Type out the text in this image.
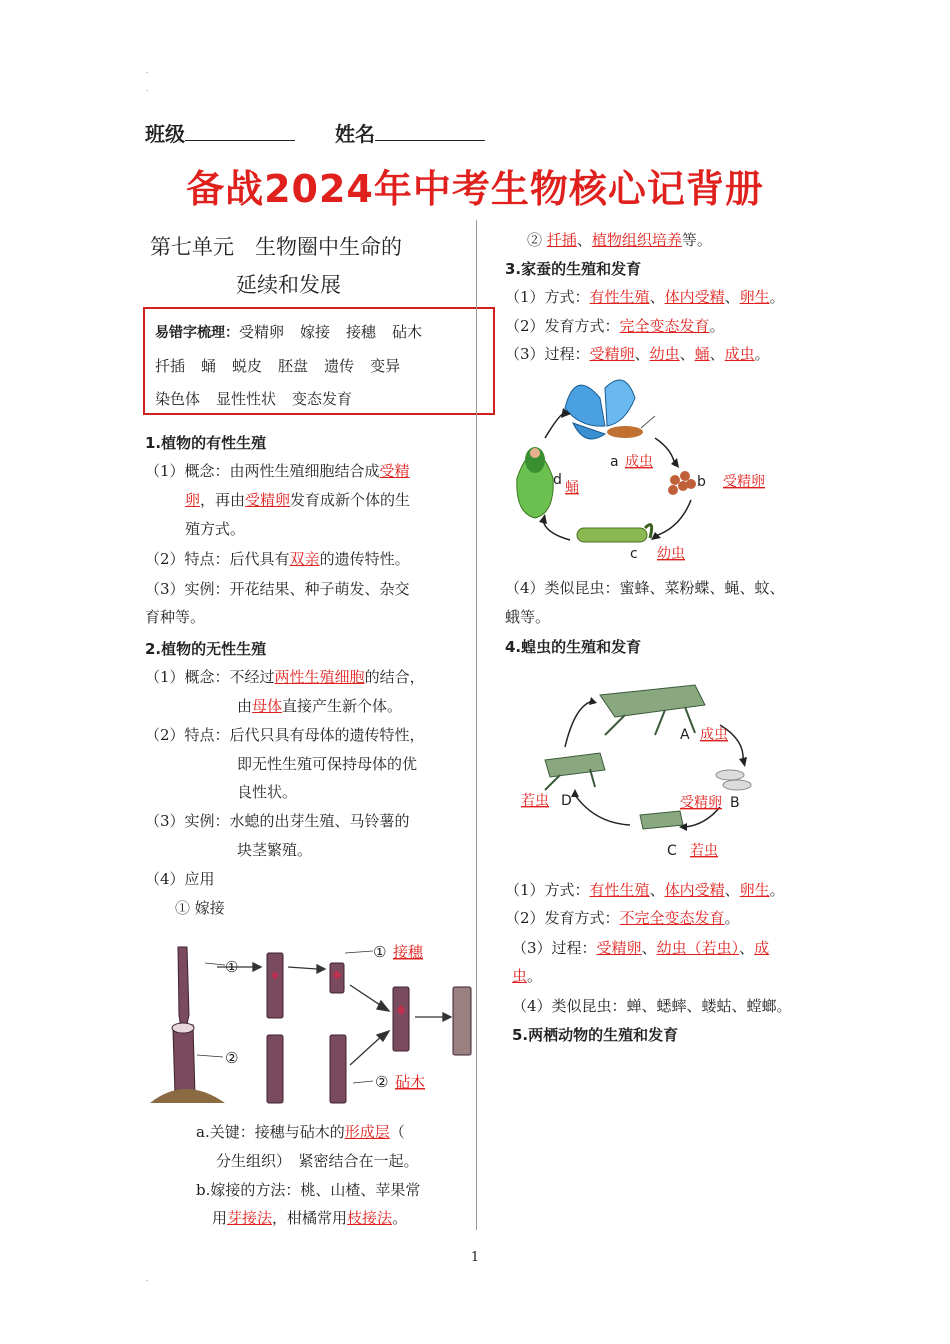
˙
˙
班级	姓名
备战2024年中考生物核心记背册
第七单元　生物圈中生命的
延续和发展
易错字梳理：受精卵 嫁接 接穗 砧木
扦插 蛹 蜕皮 胚盘 遗传 变异
染色体 显性性状 变态发育
1.植物的有性生殖
（1）概念：由两性生殖细胞结合成受精
卵，再由受精卵发育成新个体的生
殖方式。
（2）特点：后代具有双亲的遗传特性。
（3）实例：开花结果、种子萌发、杂交
育种等。
2.植物的无性生殖
（1）概念：不经过两性生殖细胞的结合，
由母体直接产生新个体。
（2）特点：后代只具有母体的遗传特性，
即无性生殖可保持母体的优
良性状。
（3）实例：水螅的出芽生殖、马铃薯的
块茎繁殖。
（4）应用
① 嫁接
①
②
① 接穗
② 砧木
a.关键：接穗与砧木的形成层（
分生组织）　紧密结合在一起。
b.嫁接的方法：桃、山楂、苹果常
用芽接法，柑橘常用枝接法。
② 扦插、植物组织培养等。
3.家蚕的生殖和发育
（1）方式：有性生殖、体内受精、卵生。
（2）发育方式：完全变态发育。
（3）过程：受精卵、幼虫、蛹、成虫。
a 成虫
b 受精卵
c 幼虫
d 蛹
（4）类似昆虫：蜜蜂、菜粉蝶、蝇、蚊、
蛾等。
4.蝗虫的生殖和发育
A 成虫
B
受精卵
C 若虫
D
若虫
（1）方式：有性生殖、体内受精、卵生。
（2）发育方式：不完全变态发育。
（3）过程：受精卵、幼虫（若虫）、成
虫。
（4）类似昆虫：蝉、蟋蟀、蝼蛄、螳螂。
5.两栖动物的生殖和发育
1
˙
